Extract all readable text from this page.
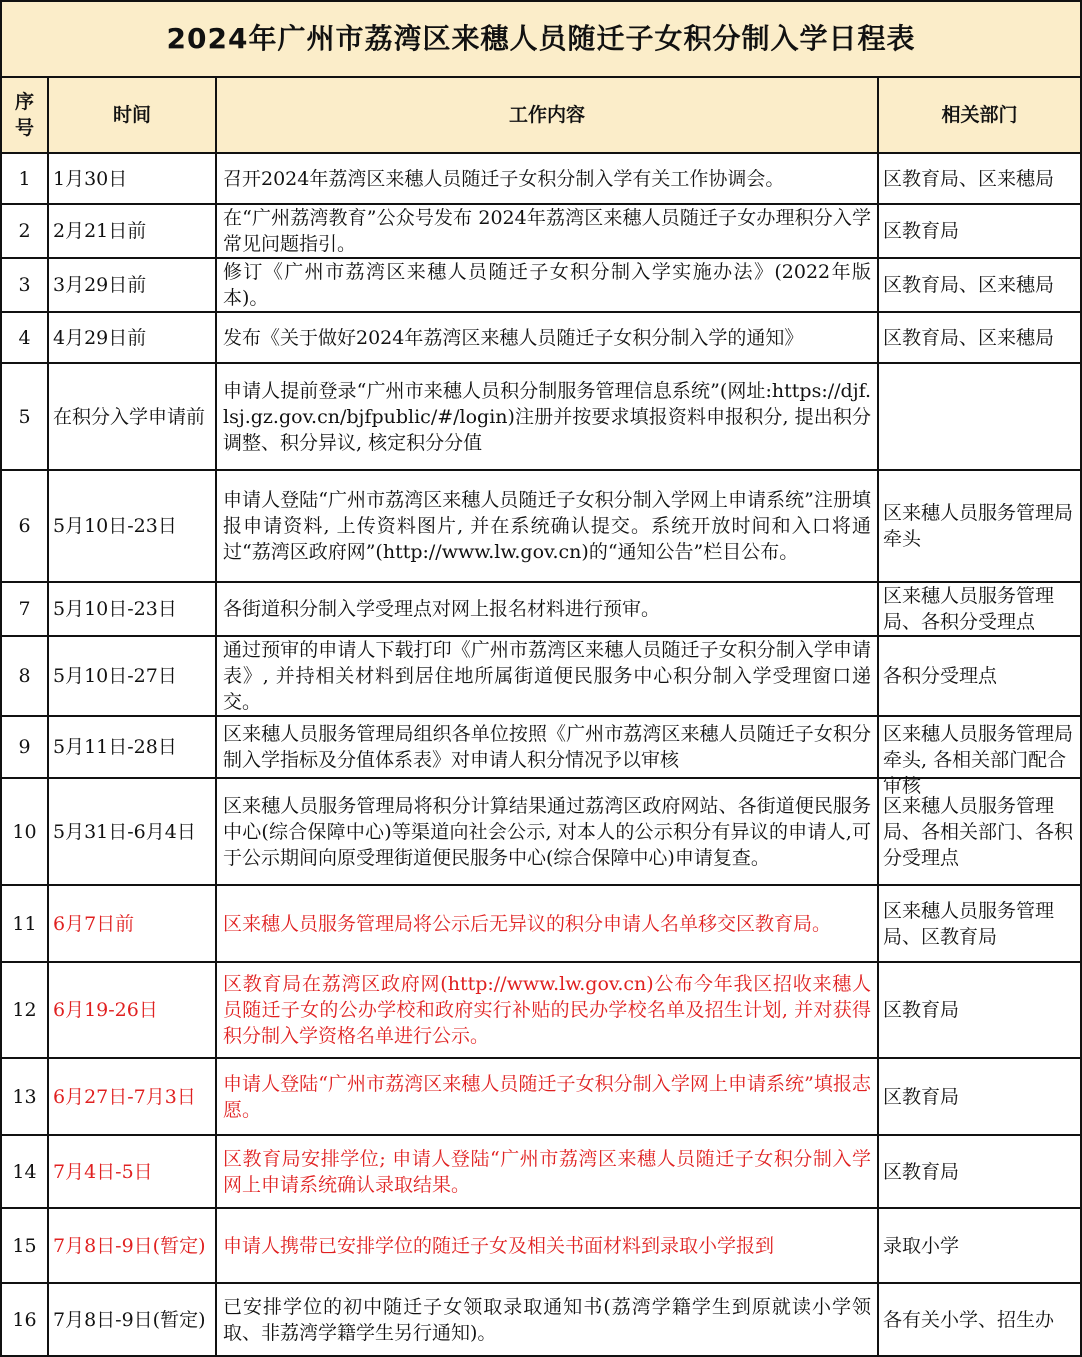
2024年广州市荔湾区来穗人员随迁子女积分制入学日程表			
序号	时间	工作内容	相关部门
1	1月30日	召开2024年荔湾区来穗人员随迁子女积分制入学有关工作协调会。	区教育局、区来穗局
2	2月21日前	在“广州荔湾教育”公众号发布 2024年荔湾区来穗人员随迁子女办理积分入学常见问题指引。	区教育局
3	3月29日前	修订《广州市荔湾区来穗人员随迁子女积分制入学实施办法》(2022年版本)。	区教育局、区来穗局
4	4月29日前	发布《关于做好2024年荔湾区来穗人员随迁子女积分制入学的通知》	区教育局、区来穗局
5	在积分入学申请前	申请人提前登录“广州市来穗人员积分制服务管理信息系统”(网址:https://djf.lsj.gz.gov.cn/bjfpublic/#/login)注册并按要求填报资料申报积分, 提出积分调整、积分异议, 核定积分分值	
6	5月10日-23日	申请人登陆“广州市荔湾区来穗人员随迁子女积分制入学网上申请系统”注册填报申请资料, 上传资料图片, 并在系统确认提交。系统开放时间和入口将通过“荔湾区政府网”(http://www.lw.gov.cn)的“通知公告”栏目公布。	区来穗人员服务管理局牵头
7	5月10日-23日	各街道积分制入学受理点对网上报名材料进行预审。	区来穗人员服务管理局、各积分受理点
8	5月10日-27日	通过预审的申请人下载打印《广州市荔湾区来穗人员随迁子女积分制入学申请表》, 并持相关材料到居住地所属街道便民服务中心积分制入学受理窗口递交。	各积分受理点
9	5月11日-28日	区来穗人员服务管理局组织各单位按照《广州市荔湾区来穗人员随迁子女积分制入学指标及分值体系表》对申请人积分情况予以审核	区来穗人员服务管理局牵头, 各相关部门配合审核

10	5月31日-6月4日	区来穗人员服务管理局将积分计算结果通过荔湾区政府网站、各街道便民服务中心(综合保障中心)等渠道向社会公示, 对本人的公示积分有异议的申请人,可于公示期间向原受理街道便民服务中心(综合保障中心)申请复查。	区来穗人员服务管理局、各相关部门、各积分受理点
11	6月7日前	区来穗人员服务管理局将公示后无异议的积分申请人名单移交区教育局。	区来穗人员服务管理局、区教育局
12	6月19-26日	区教育局在荔湾区政府网(http://www.lw.gov.cn)公布今年我区招收来穗人员随迁子女的公办学校和政府实行补贴的民办学校名单及招生计划, 并对获得积分制入学资格名单进行公示。	区教育局
13	6月27日-7月3日	申请人登陆“广州市荔湾区来穗人员随迁子女积分制入学网上申请系统”填报志愿。	区教育局
14	7月4日-5日	区教育局安排学位; 申请人登陆“广州市荔湾区来穗人员随迁子女积分制入学网上申请系统确认录取结果。	区教育局
15	7月8日-9日(暂定)	申请人携带已安排学位的随迁子女及相关书面材料到录取小学报到	录取小学
16	7月8日-9日(暂定)	已安排学位的初中随迁子女领取录取通知书(荔湾学籍学生到原就读小学领取、非荔湾学籍学生另行通知)。	各有关小学、招生办
